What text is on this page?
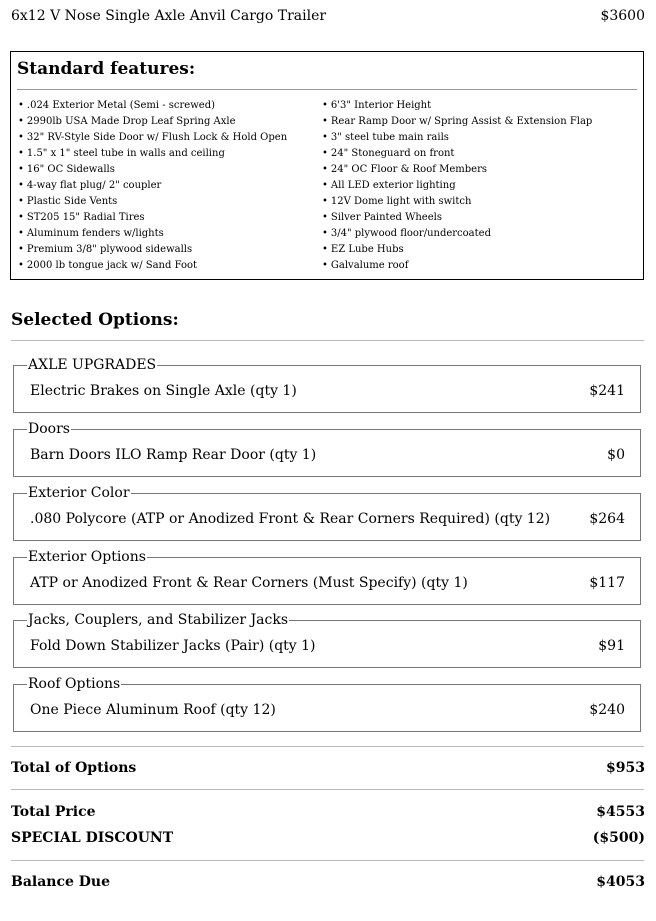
6x12 V Nose Single Axle Anvil Cargo Trailer	$3600
Standard features:
• .024 Exterior Metal (Semi - screwed)
• 2990lb USA Made Drop Leaf Spring Axle
• 32" RV-Style Side Door w/ Flush Lock & Hold Open
• 1.5" x 1" steel tube in walls and ceiling
• 16" OC Sidewalls
• 4-way flat plug/ 2" coupler
• Plastic Side Vents
• ST205 15" Radial Tires
• Aluminum fenders w/lights
• Premium 3/8" plywood sidewalls
• 2000 lb tongue jack w/ Sand Foot
• 6'3" Interior Height
• Rear Ramp Door w/ Spring Assist & Extension Flap
• 3" steel tube main rails
• 24" Stoneguard on front
• 24" OC Floor & Roof Members
• All LED exterior lighting
• 12V Dome light with switch
• Silver Painted Wheels
• 3/4" plywood floor/undercoated
• EZ Lube Hubs
• Galvalume roof
Selected Options:
AXLE UPGRADES
Electric Brakes on Single Axle (qty 1)	$241
Doors
Barn Doors ILO Ramp Rear Door (qty 1)	$0
Exterior Color
.080 Polycore (ATP or Anodized Front & Rear Corners Required) (qty 12)	$264
Exterior Options
ATP or Anodized Front & Rear Corners (Must Specify) (qty 1)	$117
Jacks, Couplers, and Stabilizer Jacks
Fold Down Stabilizer Jacks (Pair) (qty 1)	$91
Roof Options
One Piece Aluminum Roof (qty 12)	$240
Total of Options	$953
Total Price	$4553
SPECIAL DISCOUNT	($500)
Balance Due	$4053
